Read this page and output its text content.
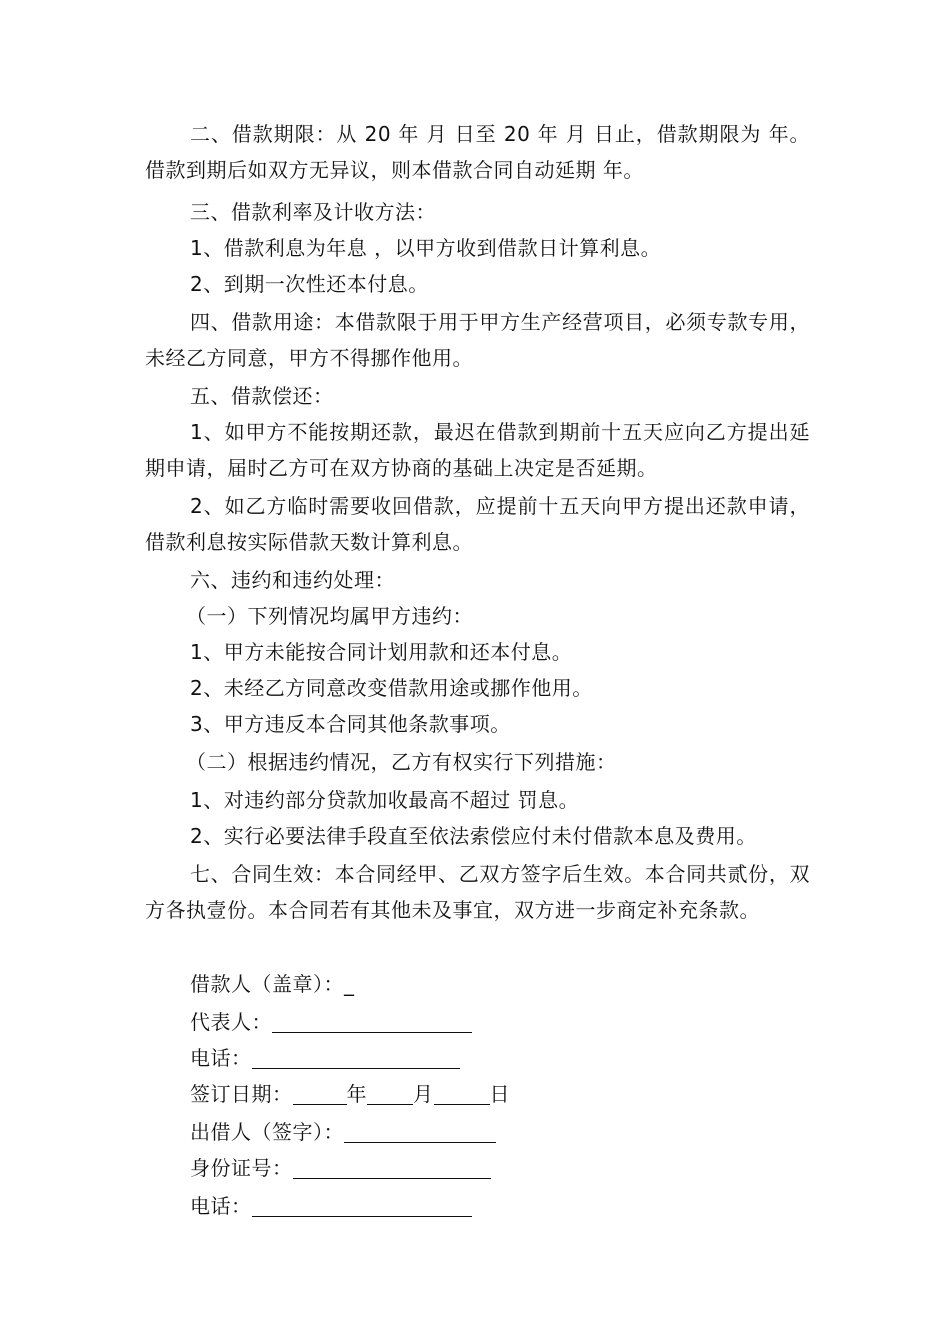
二、借款期限：从 20 年 月 日至 20 年 月 日止，借款期限为 年。借款到期后如双方无异议，则本借款合同自动延期 年。

三、借款利率及计收方法：

1、借款利息为年息 ，以甲方收到借款日计算利息。

2、到期一次性还本付息。

四、借款用途：本借款限于用于甲方生产经营项目，必须专款专用，未经乙方同意，甲方不得挪作他用。

五、借款偿还：

1、如甲方不能按期还款，最迟在借款到期前十五天应向乙方提出延期申请，届时乙方可在双方协商的基础上决定是否延期。

2、如乙方临时需要收回借款，应提前十五天向甲方提出还款申请，借款利息按实际借款天数计算利息。

六、违约和违约处理：

（一）下列情况均属甲方违约：

1、甲方未能按合同计划用款和还本付息。

2、未经乙方同意改变借款用途或挪作他用。

3、甲方违反本合同其他条款事项。

（二）根据违约情况，乙方有权实行下列措施：

1、对违约部分贷款加收最高不超过 罚息。

2、实行必要法律手段直至依法索偿应付未付借款本息及费用。

七、合同生效：本合同经甲、乙双方签字后生效。本合同共贰份，双方各执壹份。本合同若有其他未及事宜，双方进一步商定补充条款。

借款人（盖章）：_

代表人：

电话：

签订日期：	年 月	日

出借人（签字）：

身份证号：

电话：
